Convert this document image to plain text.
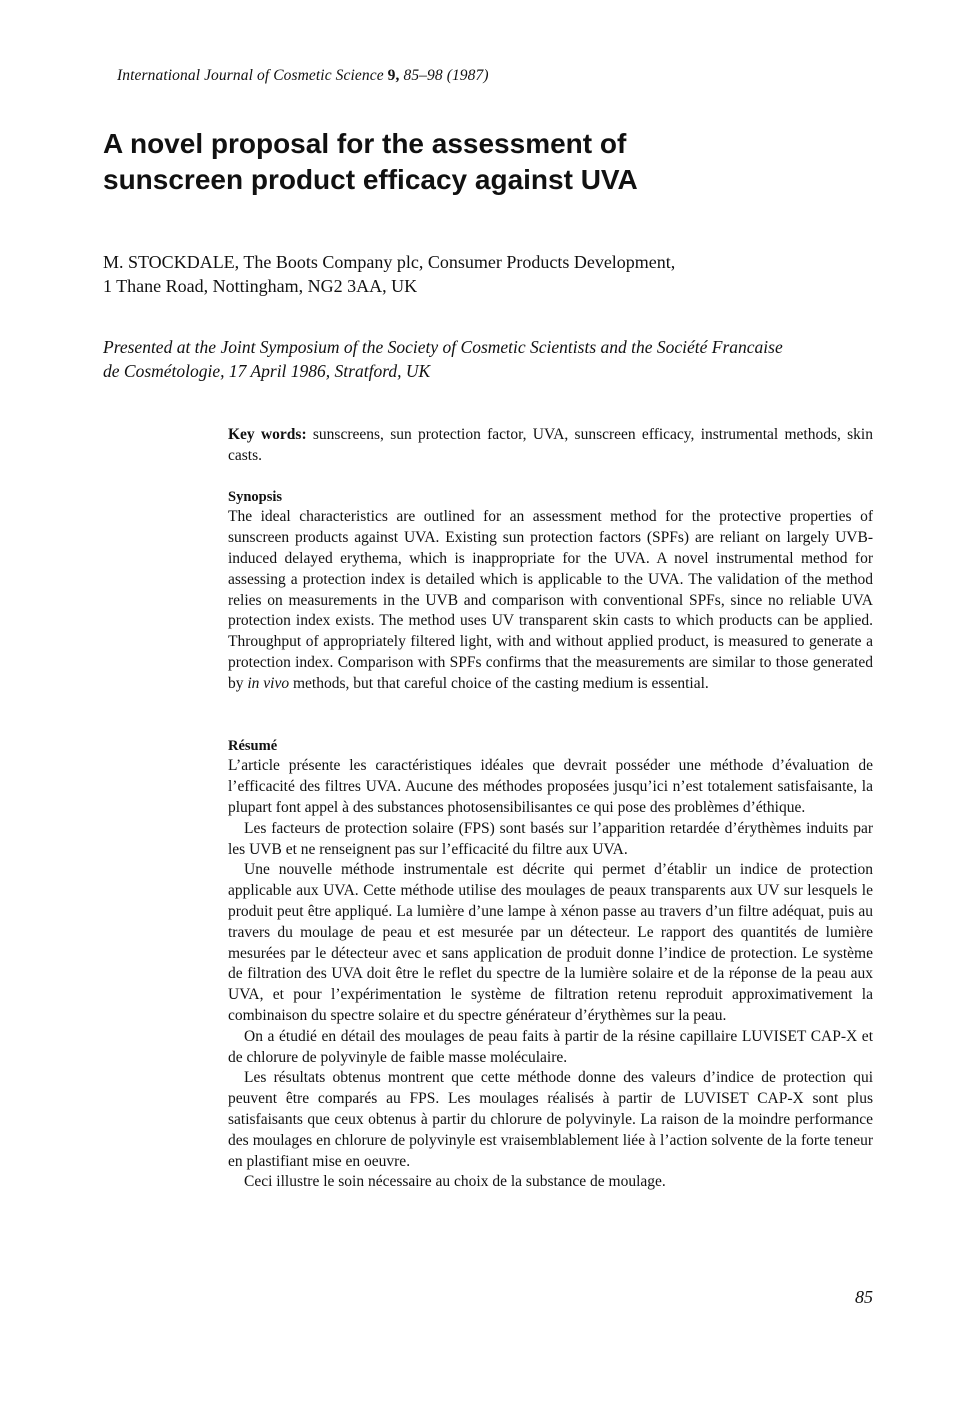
International Journal of Cosmetic Science 9, 85–98 (1987)
A novel proposal for the assessment of
sunscreen product efficacy against UVA
M. STOCKDALE, The Boots Company plc, Consumer Products Development,
1 Thane Road, Nottingham, NG2 3AA, UK
Presented at the Joint Symposium of the Society of Cosmetic Scientists and the Société Francaise
de Cosmétologie, 17 April 1986, Stratford, UK

Key words: sunscreens, sun protection factor, UVA, sunscreen efficacy, instrumental methods, skin casts.

Synopsis

The ideal characteristics are outlined for an assessment method for the protective properties of sunscreen products against UVA. Existing sun protection factors (SPFs) are reliant on largely UVB-induced delayed erythema, which is inappropriate for the UVA. A novel instrumental method for assessing a protection index is detailed which is applicable to the UVA. The validation of the method relies on measurements in the UVB and comparison with conventional SPFs, since no reliable UVA protection index exists. The method uses UV transparent skin casts to which products can be applied. Throughput of appropriately filtered light, with and without applied product, is measured to generate a protection index. Comparison with SPFs confirms that the measurements are similar to those generated by in vivo methods, but that careful choice of the casting medium is essential.

Résumé

L’article présente les caractéristiques idéales que devrait posséder une méthode d’évaluation de l’efficacité des filtres UVA. Aucune des méthodes proposées jusqu’ici n’est totalement satisfaisante, la plupart font appel à des substances photosensibilisantes ce qui pose des problèmes d’éthique.

Les facteurs de protection solaire (FPS) sont basés sur l’apparition retardée d’érythèmes induits par les UVB et ne renseignent pas sur l’efficacité du filtre aux UVA.

Une nouvelle méthode instrumentale est décrite qui permet d’établir un indice de protection applicable aux UVA. Cette méthode utilise des moulages de peaux transparents aux UV sur lesquels le produit peut être appliqué. La lumière d’une lampe à xénon passe au travers d’un filtre adéquat, puis au travers du moulage de peau et est mesurée par un détecteur. Le rapport des quantités de lumière mesurées par le détecteur avec et sans application de produit donne l’indice de protection. Le système de filtration des UVA doit être le reflet du spectre de la lumière solaire et de la réponse de la peau aux UVA, et pour l’expérimentation le système de filtration retenu reproduit approximativement la combinaison du spectre solaire et du spectre générateur d’érythèmes sur la peau.

On a étudié en détail des moulages de peau faits à partir de la résine capillaire LUVISET CAP-X et de chlorure de polyvinyle de faible masse moléculaire.

Les résultats obtenus montrent que cette méthode donne des valeurs d’indice de protection qui peuvent être comparés au FPS. Les moulages réalisés à partir de LUVISET CAP-X sont plus satisfaisants que ceux obtenus à partir du chlorure de polyvinyle. La raison de la moindre performance des moulages en chlorure de polyvinyle est vraisemblablement liée à l’action solvente de la forte teneur en plastifiant mise en oeuvre.

Ceci illustre le soin nécessaire au choix de la substance de moulage.

85
